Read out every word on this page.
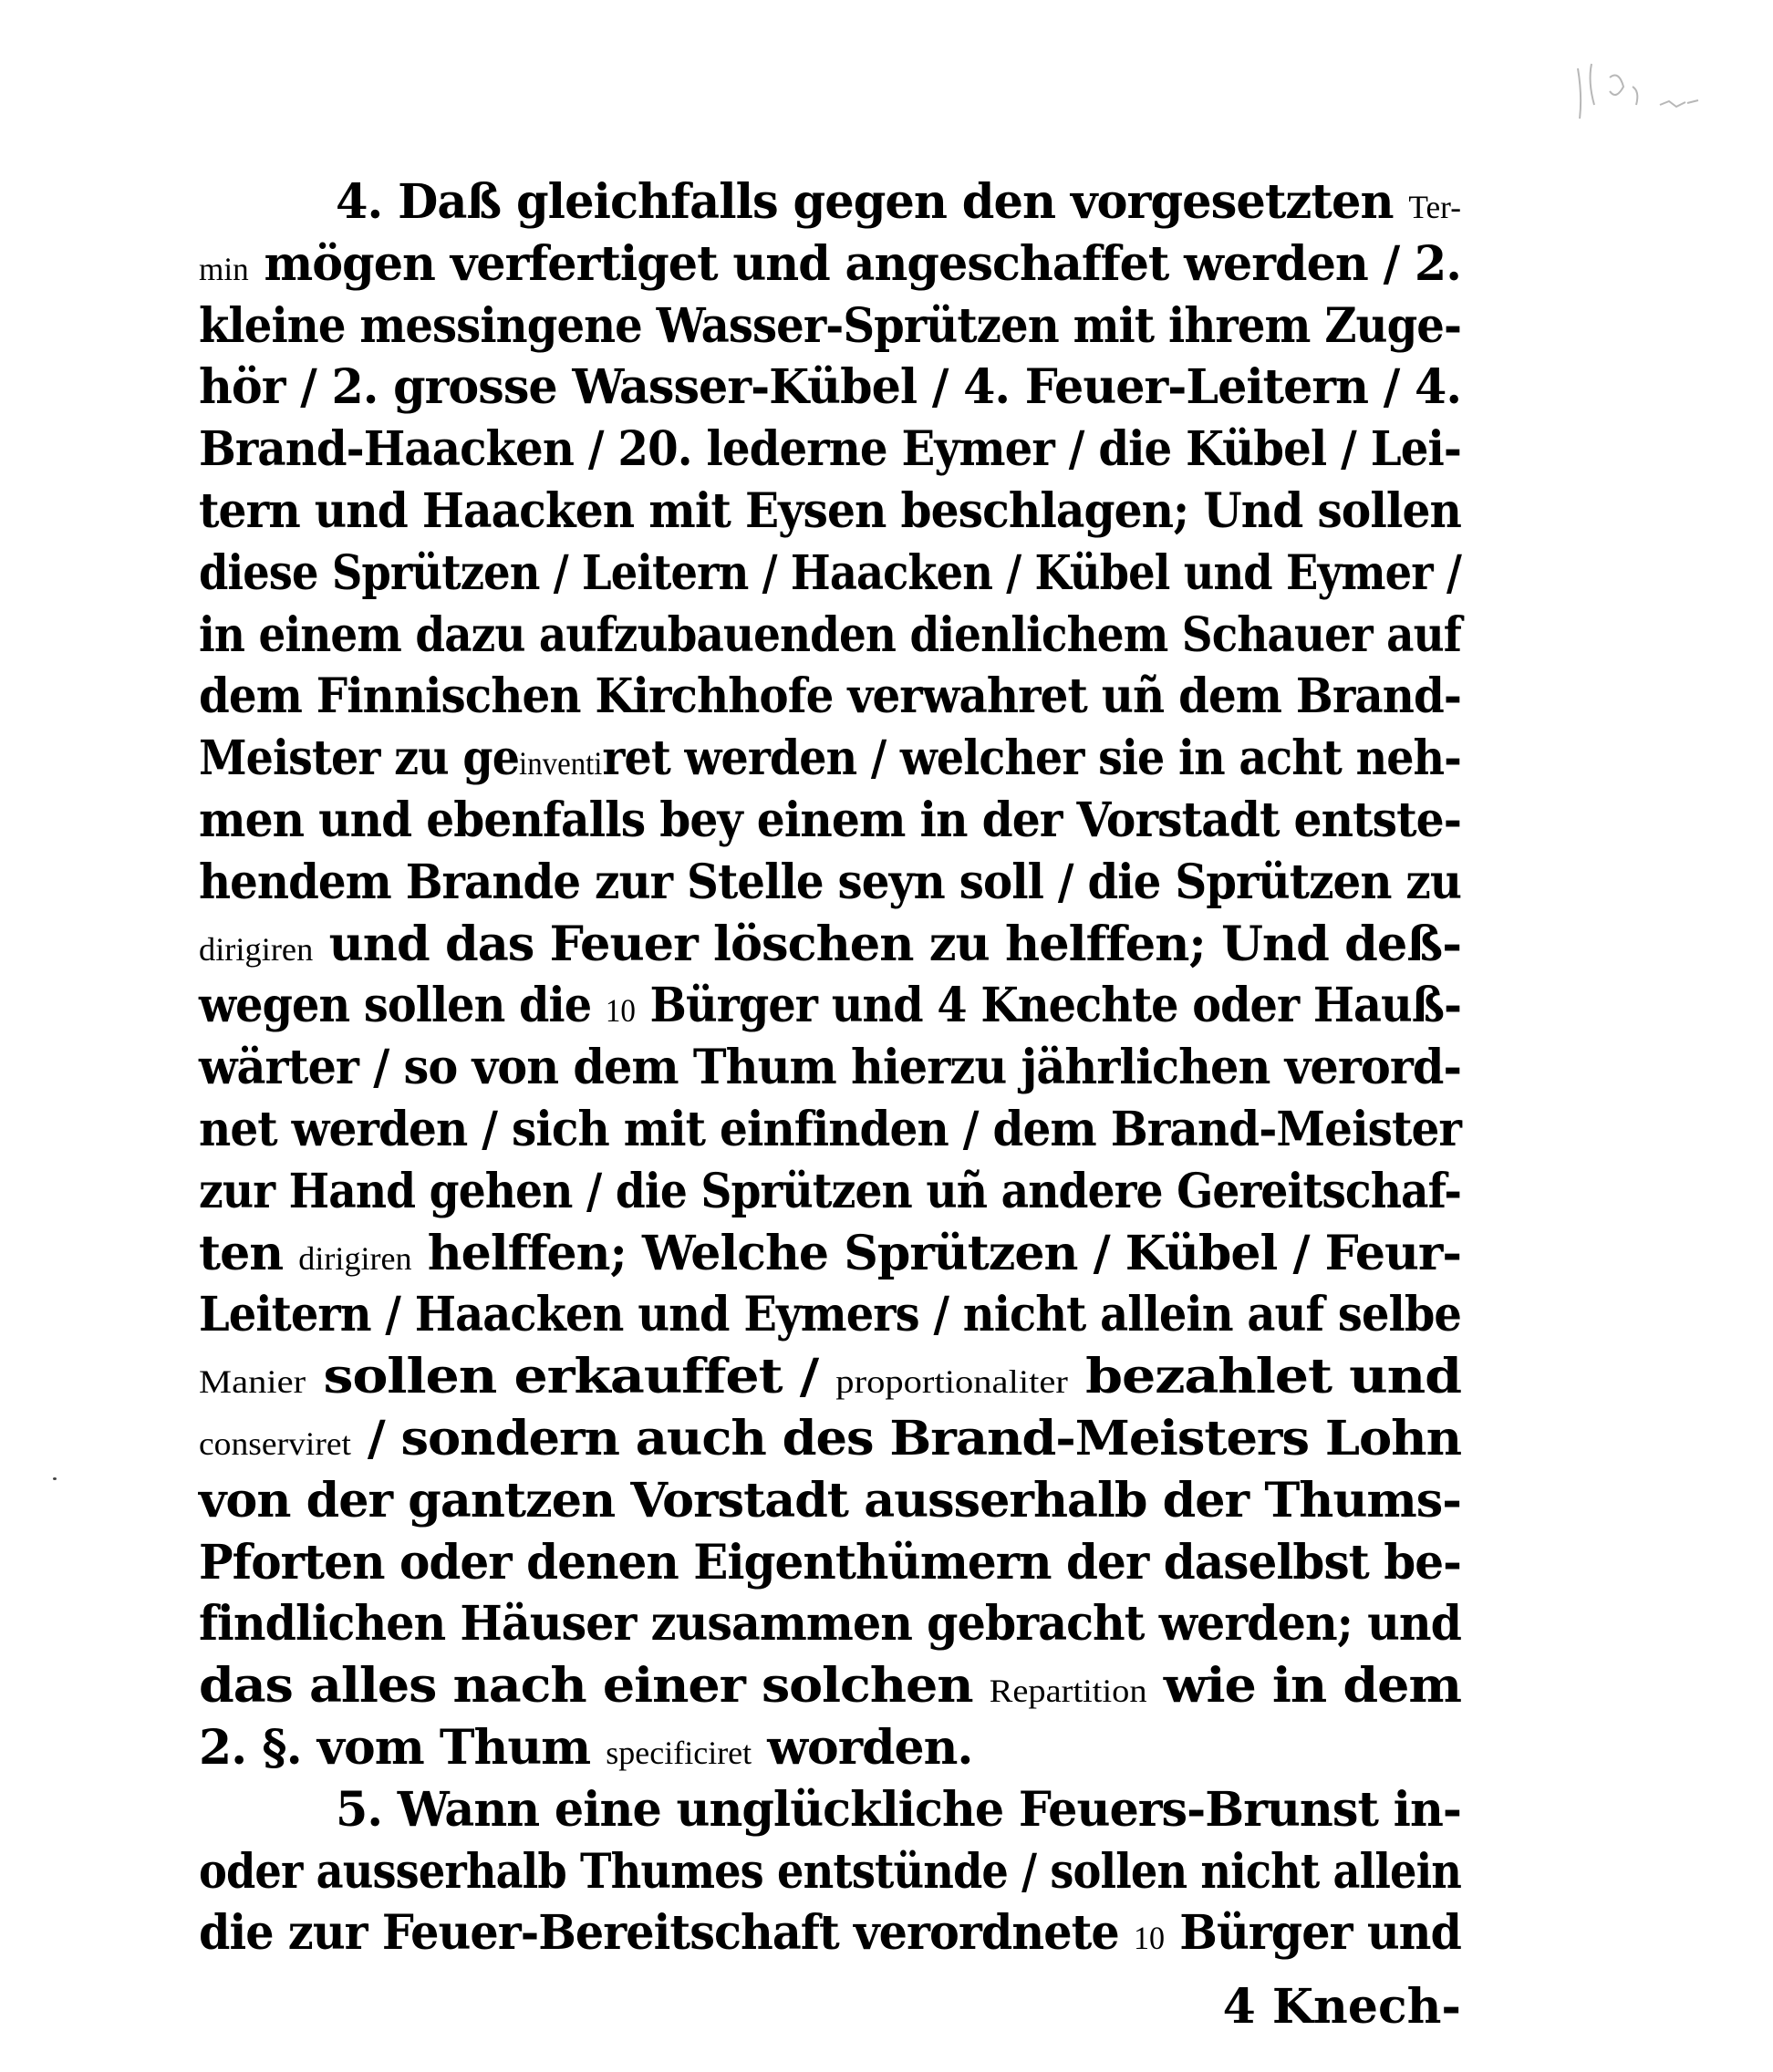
4. Daß gleichfalls gegen den vorgesetzten Ter-
min mögen verfertiget und angeschaffet werden / 2.
kleine messingene Wasser-Sprützen mit ihrem Zuge-
hör / 2. grosse Wasser-Kübel / 4. Feuer-Leitern / 4.
Brand-Haacken / 20. lederne Eymer / die Kübel / Lei-
tern und Haacken mit Eysen beschlagen; Und sollen
diese Sprützen / Leitern / Haacken / Kübel und Eymer /
in einem dazu aufzubauenden dienlichem Schauer auf
dem Finnischen Kirchhofe verwahret uñ dem Brand-
Meister zu geinventiret werden / welcher sie in acht neh-
men und ebenfalls bey einem in der Vorstadt entste-
hendem Brande zur Stelle seyn soll / die Sprützen zu
dirigiren und das Feuer löschen zu helffen; Und deß-
wegen sollen die 10 Bürger und 4 Knechte oder Hauß-
wärter / so von dem Thum hierzu jährlichen verord-
net werden / sich mit einfinden / dem Brand-Meister
zur Hand gehen / die Sprützen uñ andere Gereitschaf-
ten dirigiren helffen; Welche Sprützen / Kübel / Feur-
Leitern / Haacken und Eymers / nicht allein auf selbe
Manier sollen erkauffet / proportionaliter bezahlet und
conserviret / sondern auch des Brand-Meisters Lohn
von der gantzen Vorstadt ausserhalb der Thums-
Pforten oder denen Eigenthümern der daselbst be-
findlichen Häuser zusammen gebracht werden; und
das alles nach einer solchen Repartition wie in dem
2. §. vom Thum specificiret worden.
5. Wann eine unglückliche Feuers-Brunst in-
oder ausserhalb Thumes entstünde / sollen nicht allein
die zur Feuer-Bereitschaft verordnete 10 Bürger und
4 Knech-
